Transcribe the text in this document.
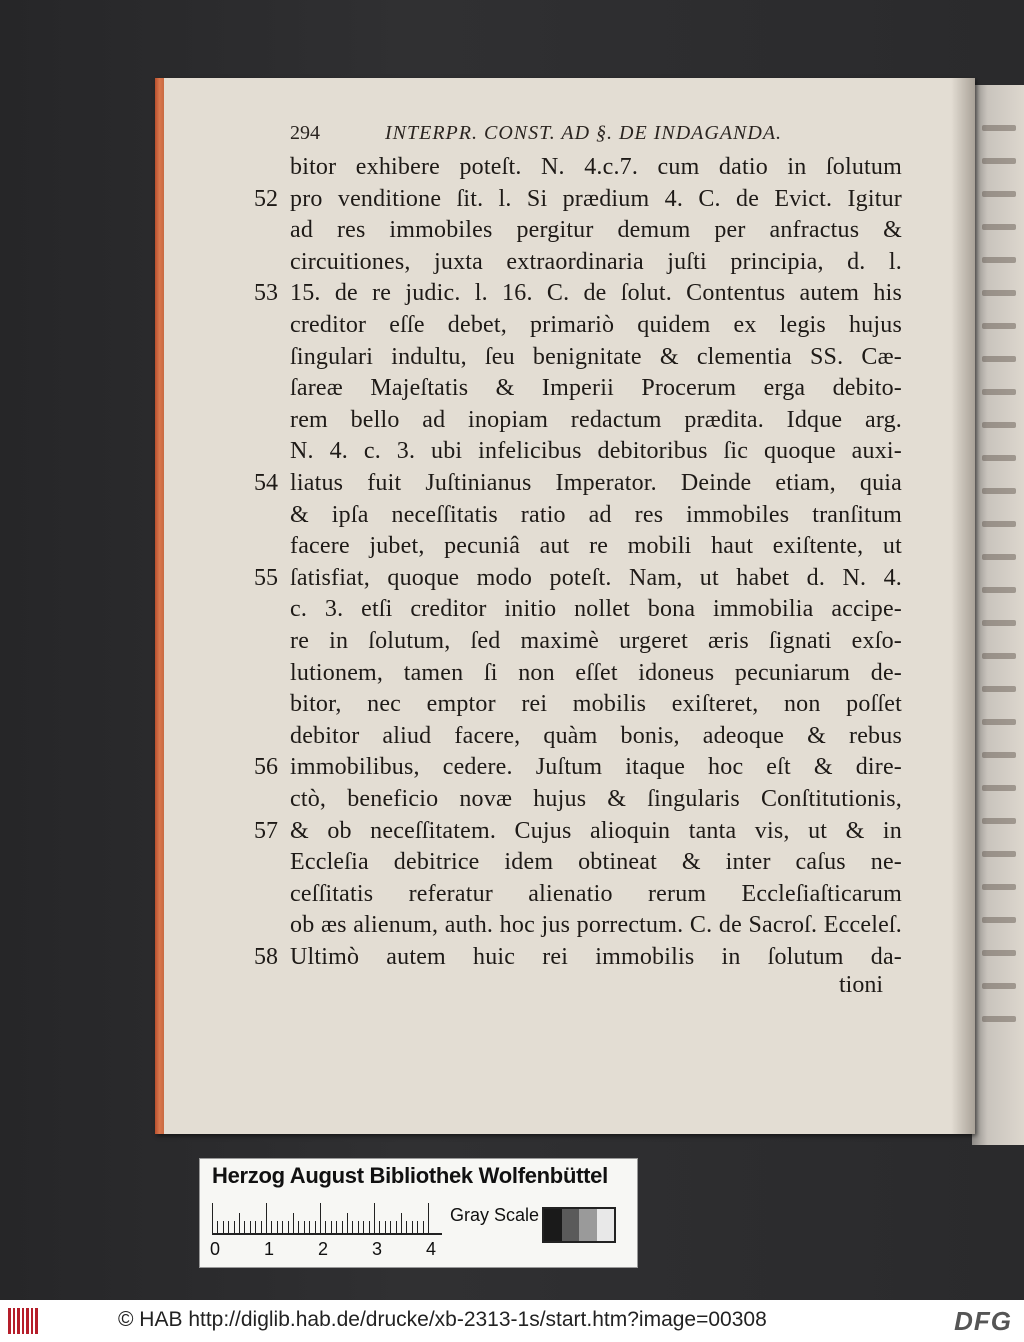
294	INTERPR. CONST. AD §. DE INDAGANDA.
bitor exhibere poteſt. N. 4.c.7. cum datio in ſolutum
52 pro venditione ſit. l. Si prædium 4. C. de Evict. Igitur
ad res immobiles pergitur demum per anfractus &
circuitiones, juxta extraordinaria juſti principia, d. l.
53 15. de re judic. l. 16. C. de ſolut. Contentus autem his
creditor eſſe debet, primariò quidem ex legis hujus
ſingulari indultu, ſeu benignitate & clementia SS. Cæ-
ſareæ Majeſtatis & Imperii Procerum erga debito-
rem bello ad inopiam redactum prædita. Idque arg.
N. 4. c. 3. ubi infelicibus debitoribus ſic quoque auxi-
54 liatus fuit Juſtinianus Imperator. Deinde etiam, quia
& ipſa neceſſitatis ratio ad res immobiles tranſitum
facere jubet, pecuniâ aut re mobili haut exiſtente, ut
55 ſatisfiat, quoque modo poteſt. Nam, ut habet d. N. 4.
c. 3. etſi creditor initio nollet bona immobilia accipe-
re in ſolutum, ſed maximè urgeret æris ſignati exſo-
lutionem, tamen ſi non eſſet idoneus pecuniarum de-
bitor, nec emptor rei mobilis exiſteret, non poſſet
debitor aliud facere, quàm bonis, adeoque & rebus
56 immobilibus, cedere. Juſtum itaque hoc eſt & dire-
ctò, beneficio novæ hujus & ſingularis Conſtitutionis,
57 & ob neceſſitatem. Cujus alioquin tanta vis, ut & in
Eccleſia debitrice idem obtineat & inter caſus ne-
ceſſitatis referatur alienatio rerum Eccleſiaſticarum
ob æs alienum, auth. hoc jus porrectum. C. de Sacroſ. Ecceleſ.
58 Ultimò autem huic rei immobilis in ſolutum da-
tioni
Herzog August Bibliothek Wolfenbüttel
0 1 2 3 4
Gray Scale
© HAB http://diglib.hab.de/drucke/xb-2313-1s/start.htm?image=00308	DFG
